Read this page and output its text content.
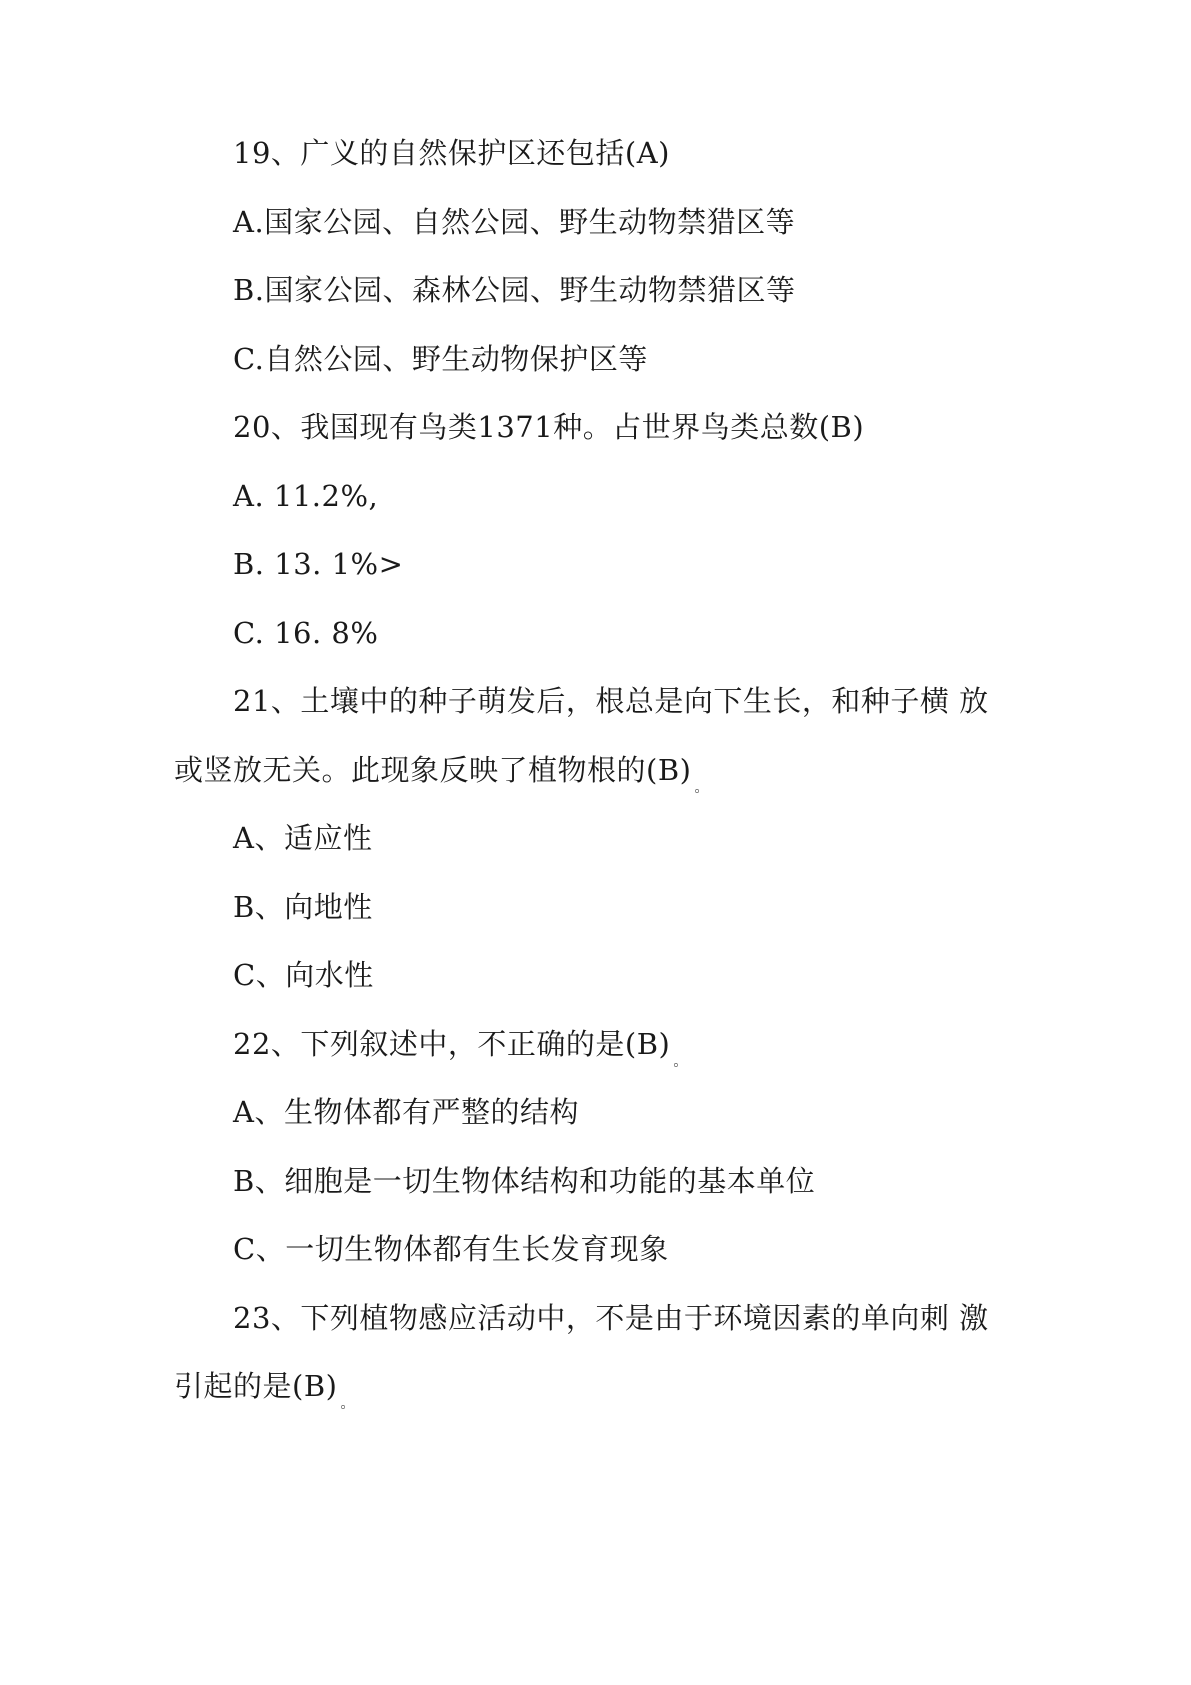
19、广义的自然保护区还包括(A)
A.国家公园、自然公园、野生动物禁猎区等
B.国家公园、森林公园、野生动物禁猎区等
C.自然公园、野生动物保护区等
20、我国现有鸟类1371种。占世界鸟类总数(B)
A. 11.2%,
B. 13. 1%>
C. 16. 8%
21、土壤中的种子萌发后，根总是向下生长，和种子横 放
或竖放无关。此现象反映了植物根的$(B)_。$
A、适应性
B、向地性
C、向水性
22、下列叙述中，不正确的是$(B)_。$
A、生物体都有严整的结构
B、细胞是一切生物体结构和功能的基本单位
C、一切生物体都有生长发育现象
23、下列植物感应活动中，不是由于环境因素的单向刺 激
引起的是$(B)_。$
